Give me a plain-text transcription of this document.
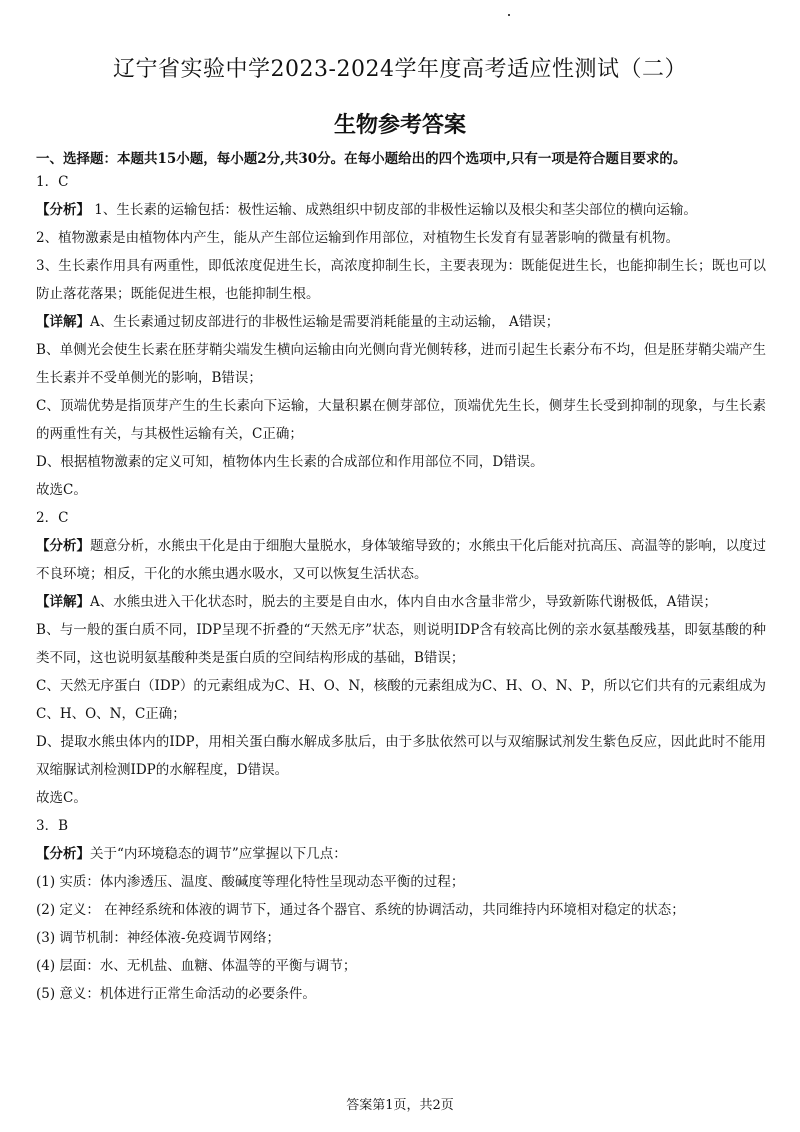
辽宁省实验中学2023-2024学年度高考适应性测试（二）
生物参考答案
一、选择题：本题共15小题，每小题2分,共30分。在每小题给出的四个选项中,只有一项是符合题目要求的。

1．C

【分析】 1、生长素的运输包括：极性运输、成熟组织中韧皮部的非极性运输以及根尖和茎尖部位的横向运输。

2、植物激素是由植物体内产生，能从产生部位运输到作用部位，对植物生长发育有显著影响的微量有机物。

3、生长素作用具有两重性，即低浓度促进生长，高浓度抑制生长，主要表现为：既能促进生长，也能抑制生长；既也可以防止落花落果；既能促进生根，也能抑制生根。

【详解】A、生长素通过韧皮部进行的非极性运输是需要消耗能量的主动运输， A错误；

B、单侧光会使生长素在胚芽鞘尖端发生横向运输由向光侧向背光侧转移，进而引起生长素分布不均，但是胚芽鞘尖端产生生长素并不受单侧光的影响，B错误；

C、顶端优势是指顶芽产生的生长素向下运输，大量积累在侧芽部位，顶端优先生长，侧芽生长受到抑制的现象，与生长素的两重性有关，与其极性运输有关，C正确；

D、根据植物激素的定义可知，植物体内生长素的合成部位和作用部位不同，D错误。

故选C。

2．C

【分析】题意分析，水熊虫干化是由于细胞大量脱水，身体皱缩导致的；水熊虫干化后能对抗高压、高温等的影响，以度过不良环境；相反，干化的水熊虫遇水吸水，又可以恢复生活状态。

【详解】A、水熊虫进入干化状态时，脱去的主要是自由水，体内自由水含量非常少，导致新陈代谢极低，A错误；

B、与一般的蛋白质不同，IDP呈现不折叠的“天然无序”状态，则说明IDP含有较高比例的亲水氨基酸残基，即氨基酸的种类不同，这也说明氨基酸种类是蛋白质的空间结构形成的基础，B错误；

C、天然无序蛋白（IDP）的元素组成为C、H、O、N，核酸的元素组成为C、H、O、N、P，所以它们共有的元素组成为C、H、O、N，C正确；

D、提取水熊虫体内的IDP，用相关蛋白酶水解成多肽后，由于多肽依然可以与双缩脲试剂发生紫色反应，因此此时不能用双缩脲试剂检测IDP的水解程度，D错误。

故选C。

3．B

【分析】关于“内环境稳态的调节”应掌握以下几点：

(1) 实质：体内渗透压、温度、酸碱度等理化特性呈现动态平衡的过程；

(2) 定义： 在神经系统和体液的调节下，通过各个器官、系统的协调活动，共同维持内环境相对稳定的状态；

(3) 调节机制：神经体液-免疫调节网络；

(4) 层面：水、无机盐、血糖、体温等的平衡与调节；

(5) 意义：机体进行正常生命活动的必要条件。

答案第1页，共2页
